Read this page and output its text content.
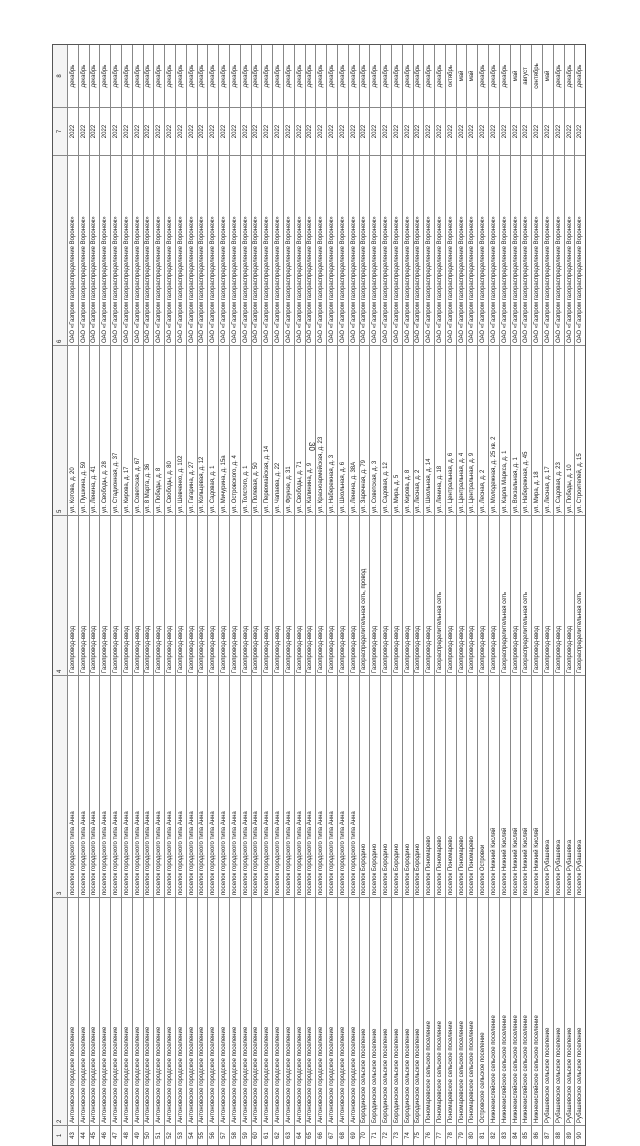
30
1
2
3
4
5
6
7
8
43
Антоновское городское поселение
поселок городского типа Анна
Газопровод-ввод
ул. Котова, д. 20
ОАО «Газпром газораспределение Воронеж»
2022
декабрь
44
Антоновское городское поселение
поселок городского типа Анна
Газопровод-ввод
ул. Пушкина, д. 59
ОАО «Газпром газораспределение Воронеж»
2022
декабрь
45
Антоновское городское поселение
поселок городского типа Анна
Газопровод-ввод
ул. Ленина, д. 41
ОАО «Газпром газораспределение Воронеж»
2022
декабрь
46
Антоновское городское поселение
поселок городского типа Анна
Газопровод-ввод
ул. Свободы, д. 28
ОАО «Газпром газораспределение Воронеж»
2022
декабрь
47
Антоновское городское поселение
поселок городского типа Анна
Газопровод-ввод
ул. Стадионная, д. 37
ОАО «Газпром газораспределение Воронеж»
2022
декабрь
48
Антоновское городское поселение
поселок городского типа Анна
Газопровод-ввод
ул. Кирова, д. 17
ОАО «Газпром газораспределение Воронеж»
2022
декабрь
49
Антоновское городское поселение
поселок городского типа Анна
Газопровод-ввод
ул. Советская, д. 67
ОАО «Газпром газораспределение Воронеж»
2022
декабрь
50
Антоновское городское поселение
поселок городского типа Анна
Газопровод-ввод
ул. 8 Марта, д. 36
ОАО «Газпром газораспределение Воронеж»
2022
декабрь
51
Антоновское городское поселение
поселок городского типа Анна
Газопровод-ввод
ул. Победы, д. 8
ОАО «Газпром газораспределение Воронеж»
2022
декабрь
52
Антоновское городское поселение
поселок городского типа Анна
Газопровод-ввод
ул. Свободы, д. 80
ОАО «Газпром газораспределение Воронеж»
2022
декабрь
53
Антоновское городское поселение
поселок городского типа Анна
Газопровод-ввод
ул. Шевченко, д. 102
ОАО «Газпром газораспределение Воронеж»
2022
декабрь
54
Антоновское городское поселение
поселок городского типа Анна
Газопровод-ввод
ул. Гагарина, д. 27
ОАО «Газпром газораспределение Воронеж»
2022
декабрь
55
Антоновское городское поселение
поселок городского типа Анна
Газопровод-ввод
ул. Кольцевая, д. 12
ОАО «Газпром газораспределение Воронеж»
2022
декабрь
56
Антоновское городское поселение
поселок городского типа Анна
Газопровод-ввод
ул. Садовая, д. 1
ОАО «Газпром газораспределение Воронеж»
2022
декабрь
57
Антоновское городское поселение
поселок городского типа Анна
Газопровод-ввод
ул. Мичурина, д. 15а
ОАО «Газпром газораспределение Воронеж»
2022
декабрь
58
Антоновское городское поселение
поселок городского типа Анна
Газопровод-ввод
ул. Островского, д. 4
ОАО «Газпром газораспределение Воронеж»
2022
декабрь
59
Антоновское городское поселение
поселок городского типа Анна
Газопровод-ввод
ул. Толстого, д. 1
ОАО «Газпром газораспределение Воронеж»
2022
декабрь
60
Антоновское городское поселение
поселок городского типа Анна
Газопровод-ввод
ул. Полевая, д. 50
ОАО «Газпром газораспределение Воронеж»
2022
декабрь
61
Антоновское городское поселение
поселок городского типа Анна
Газопровод-ввод
ул. Первомайская, д. 14
ОАО «Газпром газораспределение Воронеж»
2022
декабрь
62
Антоновское городское поселение
поселок городского типа Анна
Газопровод-ввод
ул. Чапаева, д. 22
ОАО «Газпром газораспределение Воронеж»
2022
декабрь
63
Антоновское городское поселение
поселок городского типа Анна
Газопровод-ввод
ул. Фрунзе, д. 31
ОАО «Газпром газораспределение Воронеж»
2022
декабрь
64
Антоновское городское поселение
поселок городского типа Анна
Газопровод-ввод
ул. Свободы, д. 71
ОАО «Газпром газораспределение Воронеж»
2022
декабрь
65
Антоновское городское поселение
поселок городского типа Анна
Газопровод-ввод
ул. Калинина, д. 9
ОАО «Газпром газораспределение Воронеж»
2022
декабрь
66
Антоновское городское поселение
поселок городского типа Анна
Газопровод-ввод
ул. Красноармейская, д. 23
ОАО «Газпром газораспределение Воронеж»
2022
декабрь
67
Антоновское городское поселение
поселок городского типа Анна
Газопровод-ввод
ул. Набережная, д. 3
ОАО «Газпром газораспределение Воронеж»
2022
декабрь
68
Антоновское городское поселение
поселок городского типа Анна
Газопровод-ввод
ул. Школьная, д. 6
ОАО «Газпром газораспределение Воронеж»
2022
декабрь
69
Антоновское городское поселение
поселок городского типа Анна
Газопровод-ввод
ул. Ленина, д. 38А
ОАО «Газпром газораспределение Воронеж»
2022
декабрь
70
Бородинское сельское поселение
поселок Бородино
Газораспределительная сеть, провод
ул. Заречная, д. 79
ОАО «Газпром газораспределение Воронеж»
2022
декабрь
71
Бородинское сельское поселение
поселок Бородино
Газопровод-ввод
ул. Советская, д. 3
ОАО «Газпром газораспределение Воронеж»
2022
декабрь
72
Бородинское сельское поселение
поселок Бородино
Газопровод-ввод
ул. Садовая, д. 12
ОАО «Газпром газораспределение Воронеж»
2022
декабрь
73
Бородинское сельское поселение
поселок Бородино
Газопровод-ввод
ул. Мира, д. 5
ОАО «Газпром газораспределение Воронеж»
2022
декабрь
74
Бородинское сельское поселение
поселок Бородино
Газопровод-ввод
ул. Кирова, д. 8
ОАО «Газпром газораспределение Воронеж»
2022
декабрь
75
Бородинское сельское поселение
поселок Бородино
Газопровод-ввод
ул. Лесная, д. 2
ОАО «Газпром газораспределение Воронеж»
2022
декабрь
76
Пономаревское сельское поселение
поселок Пономарево
Газопровод-ввод
ул. Школьная, д. 14
ОАО «Газпром газораспределение Воронеж»
2022
декабрь
77
Пономаревское сельское поселение
поселок Пономарево
Газораспределительная сеть
ул. Ленина, д. 18
ОАО «Газпром газораспределение Воронеж»
2022
декабрь
78
Пономаревское сельское поселение
поселок Пономарево
Газопровод-ввод
ул. Центральная, д. 6
ОАО «Газпром газораспределение Воронеж»
2022
октябрь
79
Пономаревское сельское поселение
поселок Пономарево
Газопровод-ввод
ул. Центральная, д. 4
ОАО «Газпром газораспределение Воронеж»
2022
май
80
Пономаревское сельское поселение
поселок Пономарево
Газопровод-ввод
ул. Центральная, д. 9
ОАО «Газпром газораспределение Воронеж»
2022
май
81
Островское сельское поселение
поселок Островки
Газопровод-ввод
ул. Лесная, д. 2
ОАО «Газпром газораспределение Воронеж»
2022
декабрь
82
Нижнекисляйское сельское поселение
поселок Нижний Кисляй
Газопровод-ввод
ул. Молодежная, д. 25 кв. 2
ОАО «Газпром газораспределение Воронеж»
2022
декабрь
83
Нижнекисляйское сельское поселение
поселок Нижний Кисляй
Газораспределительная сеть
ул. Карла Маркса, д. 1
ОАО «Газпром газораспределение Воронеж»
2022
декабрь
84
Нижнекисляйское сельское поселение
поселок Нижний Кисляй
Газопровод-ввод
ул. Вокзальная, д. 1
ОАО «Газпром газораспределение Воронеж»
2022
май
85
Нижнекисляйское сельское поселение
поселок Нижний Кисляй
Газораспределительная сеть
ул. Набережная, д. 45
ОАО «Газпром газораспределение Воронеж»
2022
август
86
Нижнекисляйское сельское поселение
поселок Нижний Кисляй
Газопровод-ввод
ул. Мира, д. 18
ОАО «Газпром газораспределение Воронеж»
2022
сентябрь
87
Рубашевское сельское поселение
поселок Рубашевка
Газопровод-ввод
ул. Лесная, д. 17
ОАО «Газпром газораспределение Воронеж»
2022
май
88
Рубашевское сельское поселение
поселок Рубашевка
Газопровод-ввод
ул. Садовая, д. 23
ОАО «Газпром газораспределение Воронеж»
2022
декабрь
89
Рубашевское сельское поселение
поселок Рубашевка
Газопровод-ввод
ул. Победы, д. 10
ОАО «Газпром газораспределение Воронеж»
2022
декабрь
90
Рубашевское сельское поселение
поселок Рубашевка
Газораспределительная сеть
ул. Строителей, д. 15
ОАО «Газпром газораспределение Воронеж»
2022
декабрь
